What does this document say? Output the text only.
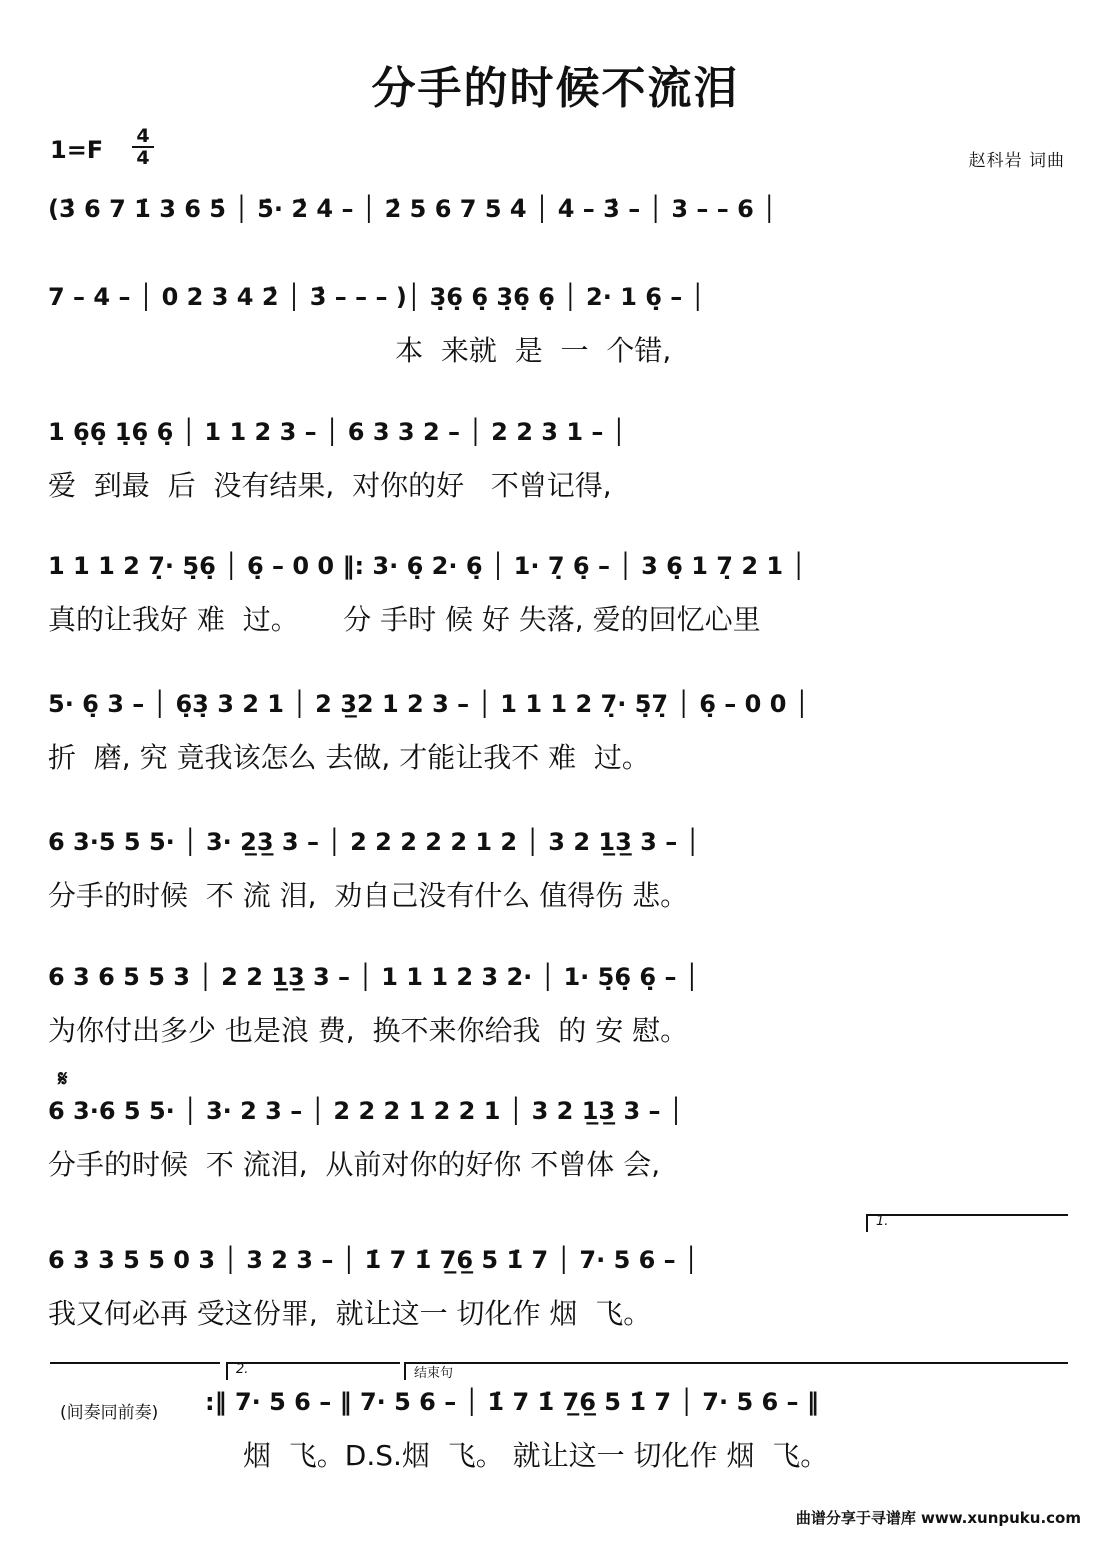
分手的时候不流泪
1=F	4
4	赵科岩 词曲
(3̇ 6 7 1̇ 3 6 5̇ │ 5̇· 2̇ 4̇ – │ 2̇ 5 6 7 5 4̇ │ 4̇ – 3̇ – │ 3 – – 6 │
7 – 4 – │ 0 2 3 4 2̇ │ 3̇ – – – )│ 3̣6̣ 6̣ 3̣6̣ 6̣ │ 2· 1 6̣ – │
本  来就  是  一  个错,
1 6̣6̣ 1̣6̣ 6̣ │ 1 1 2 3 – │ 6 3 3 2 – │ 2 2 3 1 – │
爱  到最  后  没有结果,  对你的好   不曾记得,
1 1 1 2 7̣· 5̣6̣ │ 6̣ – 0 0 ‖: 3· 6̣ 2· 6̣ │ 1· 7̣ 6̣ – │ 3 6̣ 1 7̣ 2 1 │
真的让我好 难  过。     分 手时 候 好 失落, 爱的回忆心里
5· 6̣ 3 – │ 6̣3̣ 3 2 1 │ 2 3̲2 1 2 3 – │ 1 1 1 2 7̣· 5̣7̣ │ 6̣ – 0 0 │
折  磨, 究 竟我该怎么 去做, 才能让我不 难  过。
6 3·5 5 5· │ 3· 2̲3̲ 3 – │ 2 2 2 2 2 1 2 │ 3 2 1̲3̲ 3 – │
分手的时候  不 流 泪,  劝自己没有什么 值得伤 悲。
6 3 6 5 5 3 │ 2 2 1̲3̲ 3 – │ 1 1 1 2 3 2· │ 1· 5̣6̣ 6̣ – │
为你付出多少 也是浪 费,  换不来你给我  的 安 慰。
𝄋
6 3·6 5 5· │ 3· 2 3 – │ 2 2 2 1 2 2 1 │ 3 2 1̲3̲ 3 – │
分手的时候  不 流泪,  从前对你的好你 不曾体 会,
1.
6 3 3 5 5 0 3 │ 3 2 3 – │ 1̇ 7 1̇ 7̲6̲ 5 1̇ 7 │ 7· 5 6 – │
我又何必再 受这份罪,  就让这一 切化作 烟  飞。
2.	结束句
(间奏同前奏) :‖ 7· 5 6 – ‖ 7· 5 6 – │ 1̇ 7 1̇ 7̲6̲ 5 1̇ 7 │ 7· 5 6 – ‖
烟  飞。D.S.烟  飞。 就让这一 切化作 烟  飞。
曲谱分享于寻谱库 www.xunpuku.com
